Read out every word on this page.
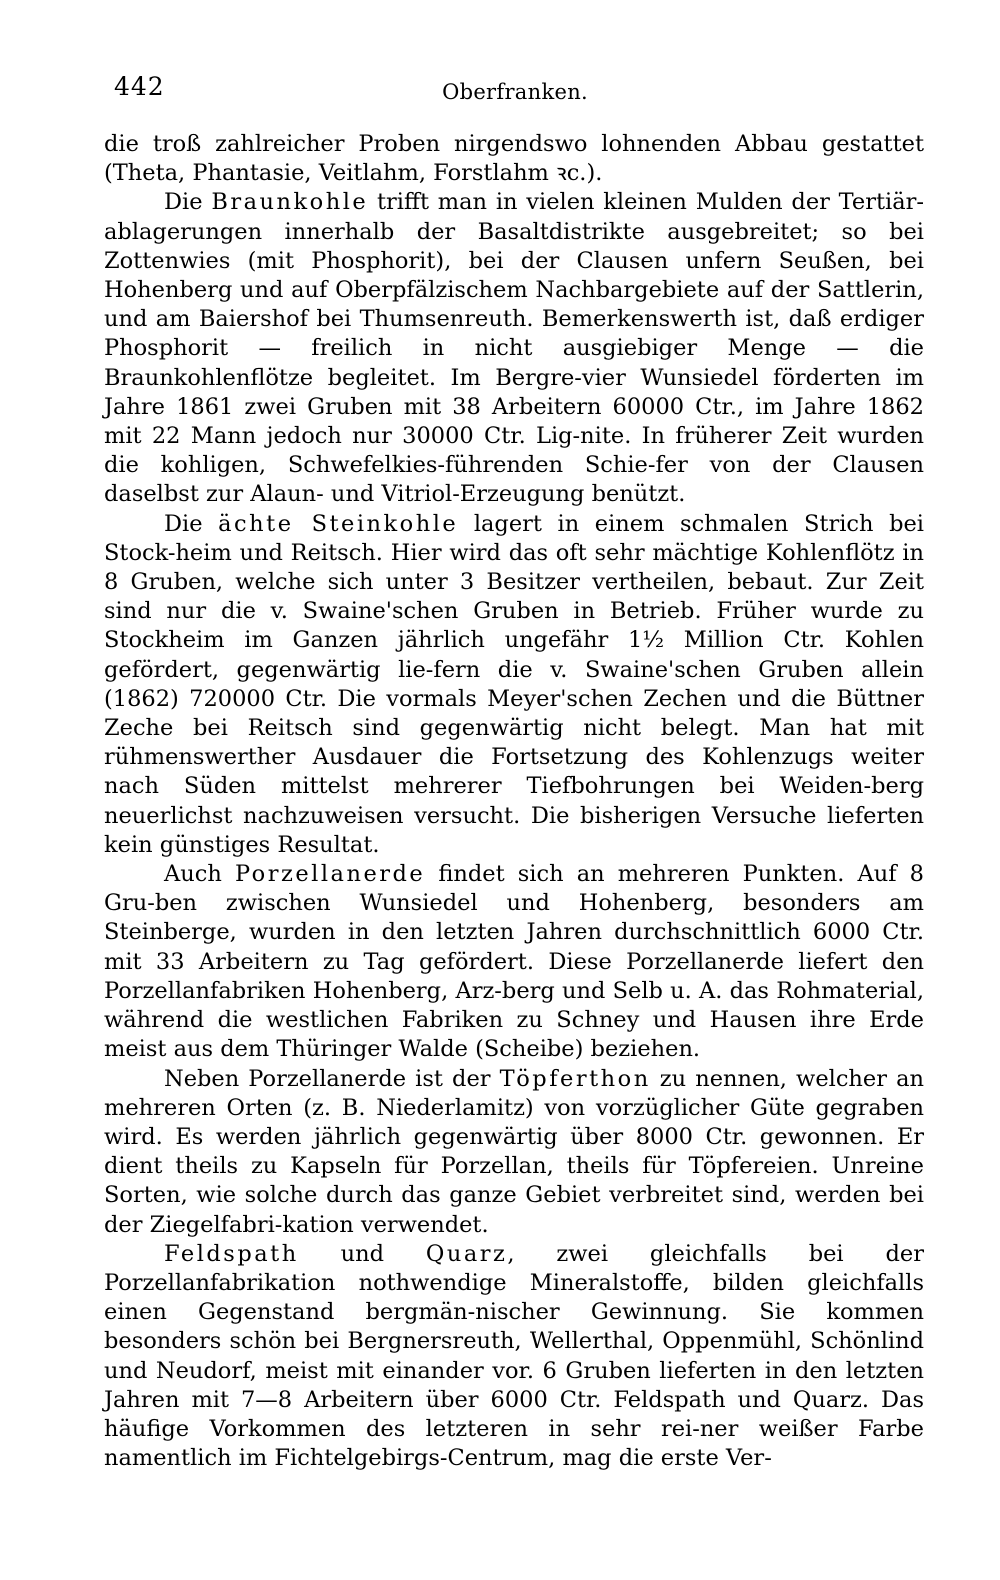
442	Oberfranken.

die troß zahlreicher Proben nirgendswo lohnenden Abbau gestattet (Theta, Phantasie, Veitlahm, Forstlahm ꝛc.).

Die Braunkohle trifft man in vielen kleinen Mulden der Tertiär-ablagerungen innerhalb der Basaltdistrikte ausgebreitet; so bei Zottenwies (mit Phosphorit), bei der Clausen unfern Seußen, bei Hohenberg und auf Oberpfälzischem Nachbargebiete auf der Sattlerin, und am Baiershof bei Thumsenreuth. Bemerkenswerth ist, daß erdiger Phosphorit — freilich in nicht ausgiebiger Menge — die Braunkohlenflötze begleitet. Im Bergre-vier Wunsiedel förderten im Jahre 1861 zwei Gruben mit 38 Arbeitern 60000 Ctr., im Jahre 1862 mit 22 Mann jedoch nur 30000 Ctr. Lig-nite. In früherer Zeit wurden die kohligen, Schwefelkies-führenden Schie-fer von der Clausen daselbst zur Alaun- und Vitriol-Erzeugung benützt.

Die ächte Steinkohle lagert in einem schmalen Strich bei Stock-heim und Reitsch. Hier wird das oft sehr mächtige Kohlenflötz in 8 Gruben, welche sich unter 3 Besitzer vertheilen, bebaut. Zur Zeit sind nur die v. Swaine'schen Gruben in Betrieb. Früher wurde zu Stockheim im Ganzen jährlich ungefähr 1½ Million Ctr. Kohlen gefördert, gegenwärtig lie-fern die v. Swaine'schen Gruben allein (1862) 720000 Ctr. Die vormals Meyer'schen Zechen und die Büttner Zeche bei Reitsch sind gegenwärtig nicht belegt. Man hat mit rühmenswerther Ausdauer die Fortsetzung des Kohlenzugs weiter nach Süden mittelst mehrerer Tiefbohrungen bei Weiden-berg neuerlichst nachzuweisen versucht. Die bisherigen Versuche lieferten kein günstiges Resultat.

Auch Porzellanerde findet sich an mehreren Punkten. Auf 8 Gru-ben zwischen Wunsiedel und Hohenberg, besonders am Steinberge, wurden in den letzten Jahren durchschnittlich 6000 Ctr. mit 33 Arbeitern zu Tag gefördert. Diese Porzellanerde liefert den Porzellanfabriken Hohenberg, Arz-berg und Selb u. A. das Rohmaterial, während die westlichen Fabriken zu Schney und Hausen ihre Erde meist aus dem Thüringer Walde (Scheibe) beziehen.

Neben Porzellanerde ist der Töpferthon zu nennen, welcher an mehreren Orten (z. B. Niederlamitz) von vorzüglicher Güte gegraben wird. Es werden jährlich gegenwärtig über 8000 Ctr. gewonnen. Er dient theils zu Kapseln für Porzellan, theils für Töpfereien. Unreine Sorten, wie solche durch das ganze Gebiet verbreitet sind, werden bei der Ziegelfabri-kation verwendet.

Feldspath und Quarz, zwei gleichfalls bei der Porzellanfabrikation nothwendige Mineralstoffe, bilden gleichfalls einen Gegenstand bergmän-nischer Gewinnung. Sie kommen besonders schön bei Bergnersreuth, Wellerthal, Oppenmühl, Schönlind und Neudorf, meist mit einander vor. 6 Gruben lieferten in den letzten Jahren mit 7—8 Arbeitern über 6000 Ctr. Feldspath und Quarz. Das häufige Vorkommen des letzteren in sehr rei-ner weißer Farbe namentlich im Fichtelgebirgs-Centrum, mag die erste Ver-
